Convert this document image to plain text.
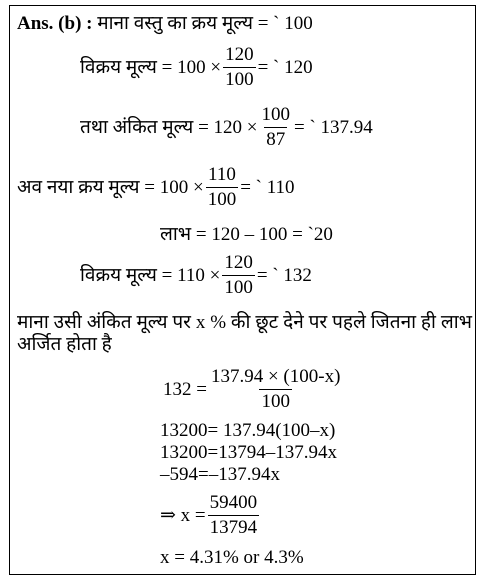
Ans. (b) : माना वस्तु का क्रय मूल्य = ` 100
विक्रय मूल्य = $100 \times \frac{120}{100}$ = ` 120
तथा अंकित मूल्य = $120 \times \frac{100}{87}$ = ` 137.94
अव नया क्रय मूल्य = $100 \times \frac{110}{100}$ = ` 110
लाभ = 120 – 100 = `20
विक्रय मूल्य = $110 \times \frac{120}{100}$ = ` 132
माना उसी अंकित मूल्य पर x % की छूट देने पर पहले जितना ही लाभ अर्जित होता है
$132 = \frac{137.94 \times (100-x)}{100}$
13200= 137.94(100–x)
13200=13794–137.94x
–594=–137.94x
⇒ $x = \frac{59400}{13794}$
x = 4.31% or 4.3%
